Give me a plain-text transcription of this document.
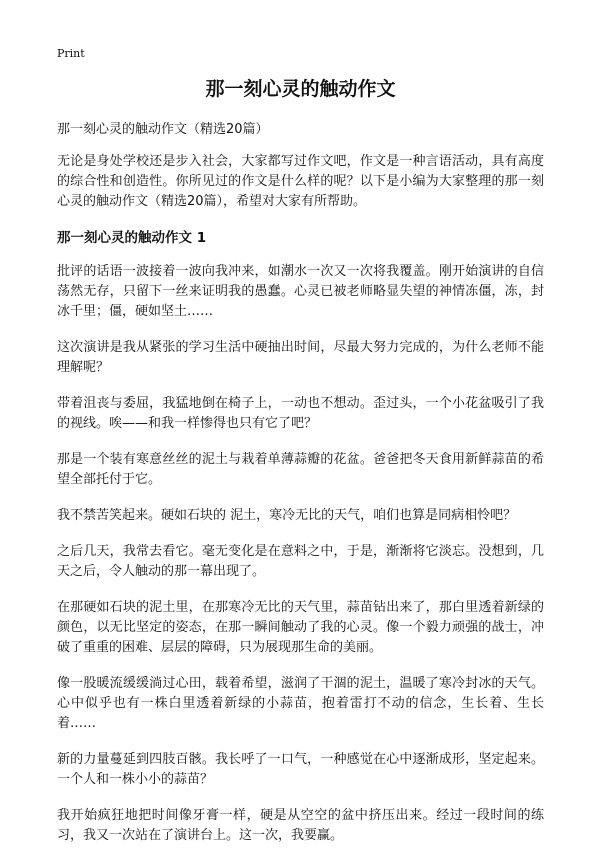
Print
那一刻心灵的触动作文

那一刻心灵的触动作文（精选20篇）

无论是身处学校还是步入社会，大家都写过作文吧，作文是一种言语活动，具有高度的综合性和创造性。你所见过的作文是什么样的呢？以下是小编为大家整理的那一刻心灵的触动作文（精选20篇），希望对大家有所帮助。

那一刻心灵的触动作文 1

批评的话语一波接着一波向我冲来，如潮水一次又一次将我覆盖。刚开始演讲的自信荡然无存，只留下一丝来证明我的愚蠢。心灵已被老师略显失望的神情冻僵，冻，封冰千里；僵，硬如坚土……

这次演讲是我从紧张的学习生活中硬抽出时间，尽最大努力完成的，为什么老师不能理解呢？

带着沮丧与委屈，我猛地倒在椅子上，一动也不想动。歪过头，一个小花盆吸引了我的视线。唉——和我一样惨得也只有它了吧？

那是一个装有寒意丝丝的泥土与栽着单薄蒜瓣的花盆。爸爸把冬天食用新鲜蒜苗的希望全部托付于它。

我不禁苦笑起来。硬如石块的 泥土，寒冷无比的天气，咱们也算是同病相怜吧？

之后几天，我常去看它。毫无变化是在意料之中，于是，渐渐将它淡忘。没想到，几天之后，令人触动的那一幕出现了。

在那硬如石块的泥土里，在那寒冷无比的天气里，蒜苗钻出来了，那白里透着新绿的颜色，以无比坚定的姿态，在那一瞬间触动了我的心灵。像一个毅力顽强的战士，冲破了重重的困难、层层的障碍，只为展现那生命的美丽。

像一股暖流缓缓淌过心田，载着希望，滋润了干涸的泥土，温暖了寒冷封冰的天气。心中似乎也有一株白里透着新绿的小蒜苗，抱着雷打不动的信念，生长着、生长着……

新的力量蔓延到四肢百骸。我长呼了一口气，一种感觉在心中逐渐成形，坚定起来。一个人和一株小小的蒜苗？

我开始疯狂地把时间像牙膏一样，硬是从空空的盆中挤压出来。经过一段时间的练习，我又一次站在了演讲台上。这一次，我要赢。
